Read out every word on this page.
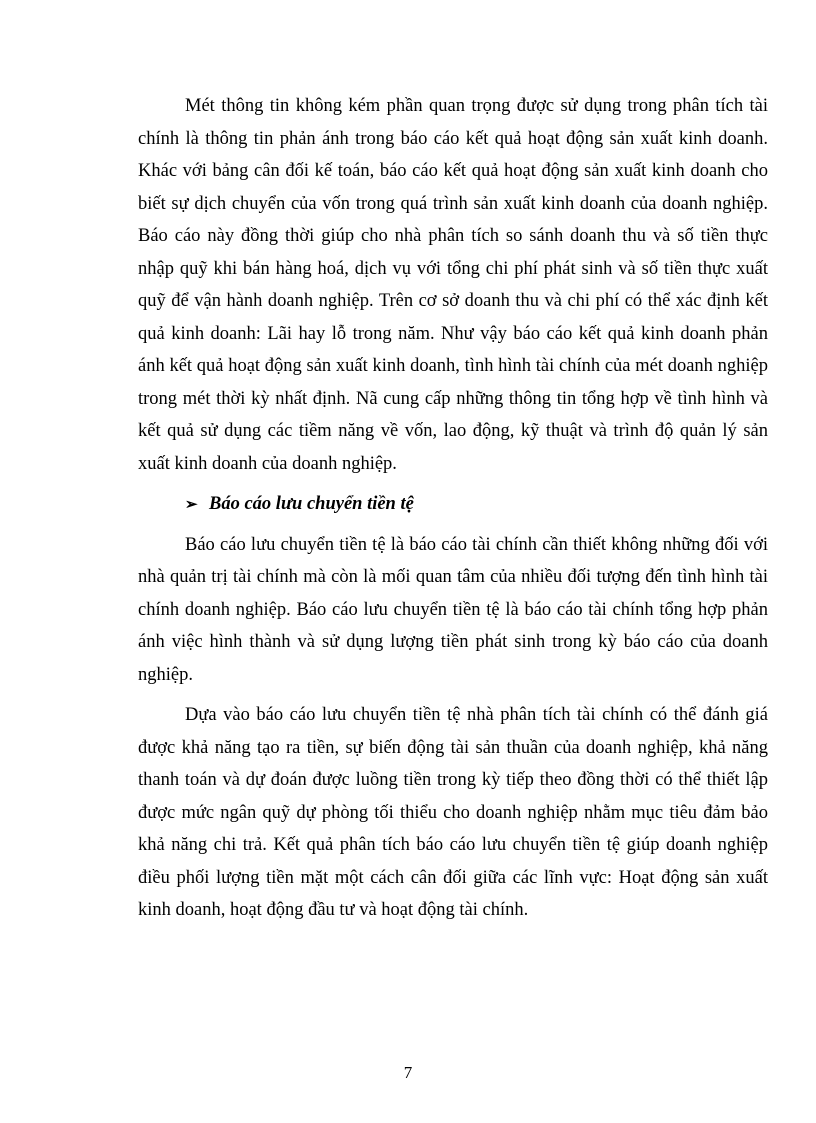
Mét thông tin không kém phần quan trọng được sử dụng trong phân tích tài chính là thông tin phản ánh trong báo cáo kết quả hoạt động sản xuất kinh doanh. Khác với bảng cân đối kế toán, báo cáo kết quả hoạt động sản xuất kinh doanh cho biết sự dịch chuyển của vốn trong quá trình sản xuất kinh doanh của doanh nghiệp. Báo cáo này đồng thời giúp cho nhà phân tích so sánh doanh thu và số tiền thực nhập quỹ khi bán hàng hoá, dịch vụ với tổng chi phí phát sinh và số tiền thực xuất quỹ để vận hành doanh nghiệp. Trên cơ sở doanh thu và chi phí có thể xác định kết quả kinh doanh: Lãi hay lỗ trong năm. Như vậy báo cáo kết quả kinh doanh phản ánh kết quả hoạt động sản xuất kinh doanh, tình hình tài chính của mét doanh nghiệp trong mét thời kỳ nhất định. Nã cung cấp những thông tin tổng hợp về tình hình và kết quả sử dụng các tiềm năng về vốn, lao động, kỹ thuật và trình độ quản lý sản xuất kinh doanh của doanh nghiệp.

➢ Báo cáo lưu chuyển tiền tệ

Báo cáo lưu chuyển tiền tệ là báo cáo tài chính cần thiết không những đối với nhà quản trị tài chính mà còn là mối quan tâm của nhiều đối tượng đến tình hình tài chính doanh nghiệp. Báo cáo lưu chuyển tiền tệ là báo cáo tài chính tổng hợp phản ánh việc hình thành và sử dụng lượng tiền phát sinh trong kỳ báo cáo của doanh nghiệp.

Dựa vào báo cáo lưu chuyển tiền tệ nhà phân tích tài chính có thể đánh giá được khả năng tạo ra tiền, sự biến động tài sản thuần của doanh nghiệp, khả năng thanh toán và dự đoán được luồng tiền trong kỳ tiếp theo đồng thời có thể thiết lập được mức ngân quỹ dự phòng tối thiểu cho doanh nghiệp nhằm mục tiêu đảm bảo khả năng chi trả. Kết quả phân tích báo cáo lưu chuyển tiền tệ giúp doanh nghiệp điều phối lượng tiền mặt một cách cân đối giữa các lĩnh vực: Hoạt động sản xuất kinh doanh, hoạt động đầu tư và hoạt động tài chính.

7
